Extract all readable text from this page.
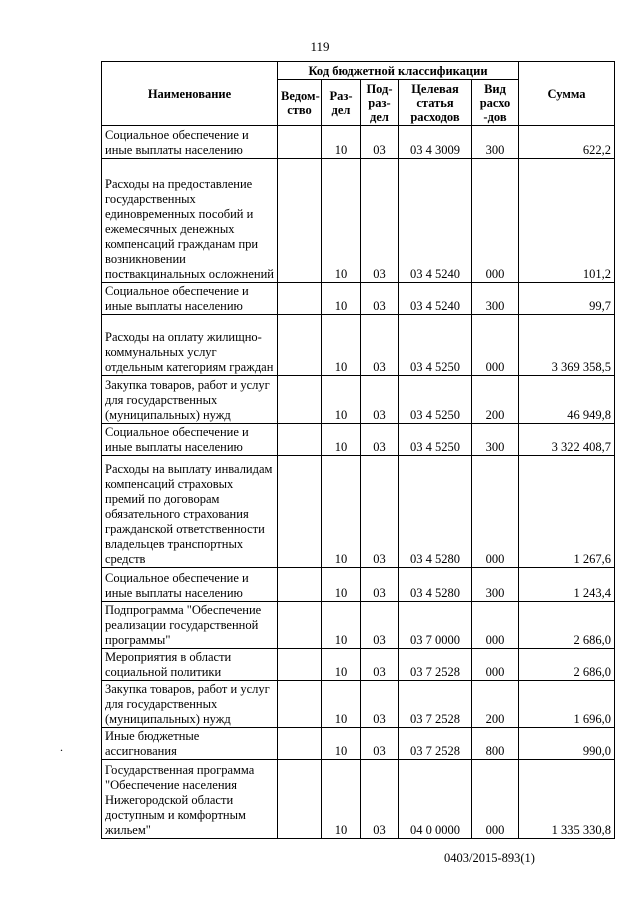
119
Наименование	Код бюджетной классификации					Сумма
	Ведом-ство	Раз-дел	Под-раз-дел	Целевая статья расходов	Вид расхо -дов	
Социальное обеспечение и иные выплаты населению		10	03	03 4 3009	300	622,2
Расходы на предоставление государственных единовременных пособий и ежемесячных денежных компенсаций гражданам при возникновении поствакцинальных осложнений		10	03	03 4 5240	000	101,2
Социальное обеспечение и иные выплаты населению		10	03	03 4 5240	300	99,7
Расходы на оплату жилищно-коммунальных услуг отдельным категориям граждан		10	03	03 4 5250	000	3 369 358,5
Закупка товаров, работ и услуг для государственных (муниципальных) нужд		10	03	03 4 5250	200	46 949,8
Социальное обеспечение и иные выплаты населению		10	03	03 4 5250	300	3 322 408,7
Расходы на выплату инвалидам компенсаций страховых премий по договорам обязательного страхования гражданской ответственности владельцев транспортных средств		10	03	03 4 5280	000	1 267,6
Социальное обеспечение и иные выплаты населению		10	03	03 4 5280	300	1 243,4
Подпрограмма "Обеспечение реализации государственной программы"		10	03	03 7 0000	000	2 686,0
Мероприятия в области социальной политики		10	03	03 7 2528	000	2 686,0
Закупка товаров, работ и услуг для государственных (муниципальных) нужд		10	03	03 7 2528	200	1 696,0
Иные бюджетные ассигнования		10	03	03 7 2528	800	990,0
Государственная программа "Обеспечение населения Нижегородской области доступным и комфортным жильем"		10	03	04 0 0000	000	1 335 330,8
.
0403/2015-893(1)
